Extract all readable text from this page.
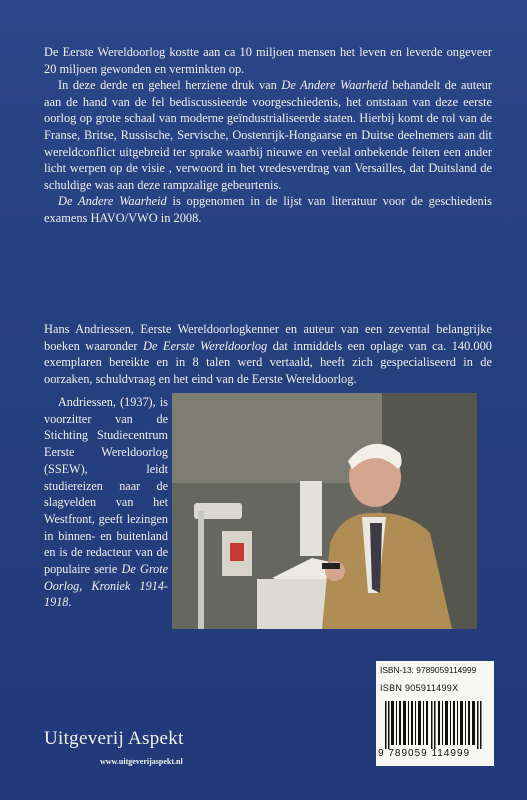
De Eerste Wereldoorlog kostte aan ca 10 miljoen mensen het leven en leverde ongeveer 20 miljoen gewonden en verminkten op.

In deze derde en geheel herziene druk van De Andere Waarheid behandelt de auteur aan de hand van de fel bediscussieerde voorgeschiedenis, het ontstaan van deze eerste oorlog op grote schaal van moderne geïndustrialiseerde staten. Hierbij komt de rol van de Franse, Britse, Russische, Servische, Oostenrijk-Hongaarse en Duitse deelnemers aan dit wereldconflict uitgebreid ter sprake waarbij nieuwe en veelal onbekende feiten een ander licht werpen op de visie , verwoord in het vredesverdrag van Versailles, dat Duitsland de schuldige was aan deze rampzalige gebeurtenis.

De Andere Waarheid is opgenomen in de lijst van literatuur voor de geschiedenis examens HAVO/VWO in 2008.

Hans Andriessen, Eerste Wereldoorlogkenner en auteur van een zevental belangrijke boeken waaronder De Eerste Wereldoorlog dat inmiddels een oplage van ca. 140.000 exemplaren bereikte en in 8 talen werd vertaald, heeft zich gespecialiseerd in de oorzaken, schuldvraag en het eind van de Eerste Wereldoorlog.

Andriessen, (1937), is voorzitter van de Stichting Studiecentrum Eerste Wereldoorlog (SSEW), leidt studiereizen naar de slagvelden van het Westfront, geeft lezingen in binnen- en buitenland en is de redacteur van de populaire serie De Grote Oorlog, Kroniek 1914-1918.

ISBN-13: 9789059114999
ISBN 905911499X
9 789059 114999
Uitgeverij Aspekt
www.uitgeverijaspekt.nl
